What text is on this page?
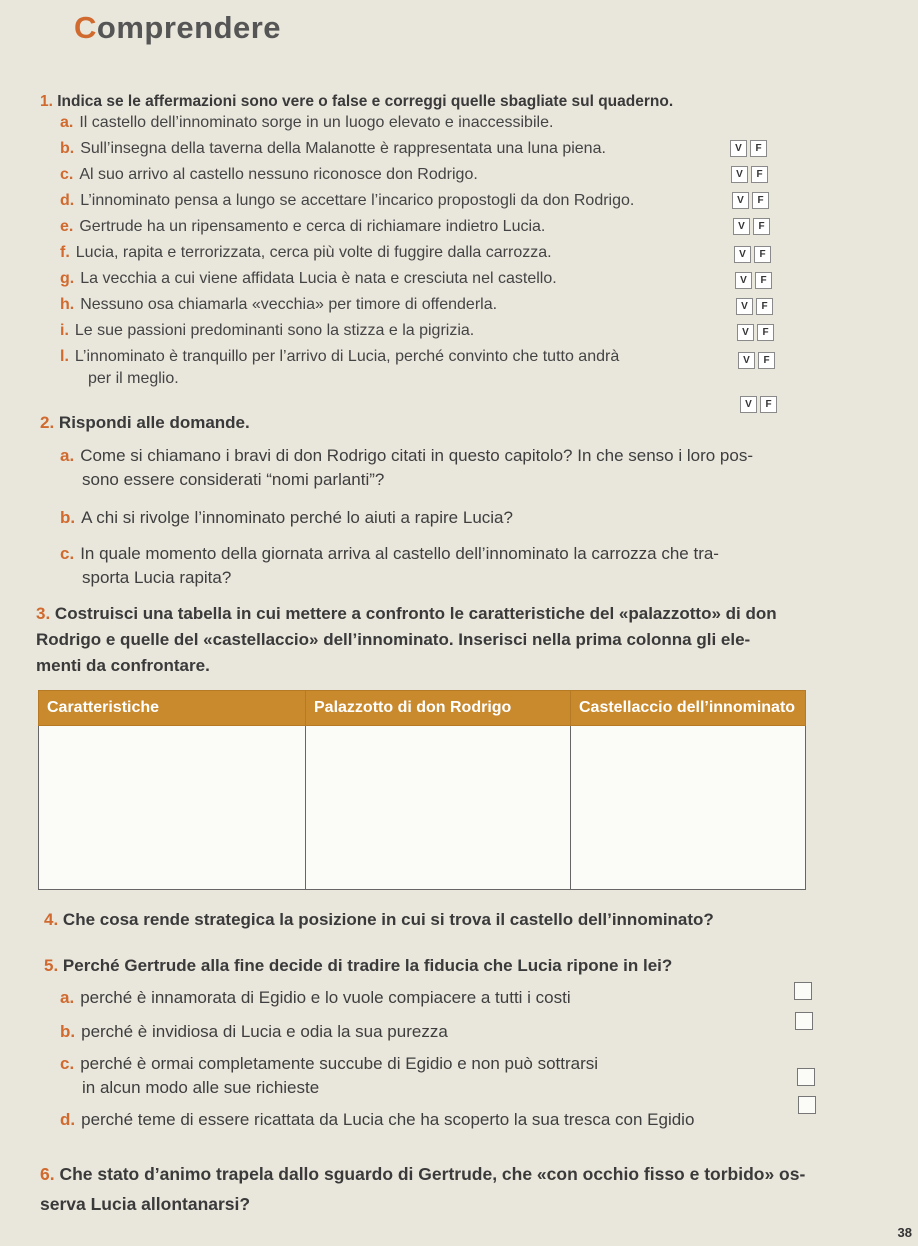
Comprendere
1. Indica se le affermazioni sono vere o false e correggi quelle sbagliate sul quaderno.
a. Il castello dell’innominato sorge in un luogo elevato e inaccessibile.
V	F
b. Sull’insegna della taverna della Malanotte è rappresentata una luna piena.
V	F
c. Al suo arrivo al castello nessuno riconosce don Rodrigo.
V	F
d. L’innominato pensa a lungo se accettare l’incarico propostogli da don Rodrigo.
V	F
e. Gertrude ha un ripensamento e cerca di richiamare indietro Lucia.
V	F
f. Lucia, rapita e terrorizzata, cerca più volte di fuggire dalla carrozza.
V	F
g. La vecchia a cui viene affidata Lucia è nata e cresciuta nel castello.
V	F
h. Nessuno osa chiamarla «vecchia» per timore di offenderla.
V	F
i. Le sue passioni predominanti sono la stizza e la pigrizia.
V	F
l. L’innominato è tranquillo per l’arrivo di Lucia, perché convinto che tutto andrà
per il meglio.
V	F
2. Rispondi alle domande.
a. Come si chiamano i bravi di don Rodrigo citati in questo capitolo? In che senso i loro pos-
sono essere considerati “nomi parlanti”?
b. A chi si rivolge l’innominato perché lo aiuti a rapire Lucia?
c. In quale momento della giornata arriva al castello dell’innominato la carrozza che tra-
sporta Lucia rapita?
3. Costruisci una tabella in cui mettere a confronto le caratteristiche del «palazzotto» di don
Rodrigo e quelle del «castellaccio» dell’innominato. Inserisci nella prima colonna gli ele-
menti da confrontare.
Caratteristiche	Palazzotto di don Rodrigo	Castellaccio dell’innominato

4. Che cosa rende strategica la posizione in cui si trova il castello dell’innominato?
5. Perché Gertrude alla fine decide di tradire la fiducia che Lucia ripone in lei?
a. perché è innamorata di Egidio e lo vuole compiacere a tutti i costi
b. perché è invidiosa di Lucia e odia la sua purezza
c. perché è ormai completamente succube di Egidio e non può sottrarsi
in alcun modo alle sue richieste
d. perché teme di essere ricattata da Lucia che ha scoperto la sua tresca con Egidio
6. Che stato d’animo trapela dallo sguardo di Gertrude, che «con occhio fisso e torbido» os-
serva Lucia allontanarsi?
38
